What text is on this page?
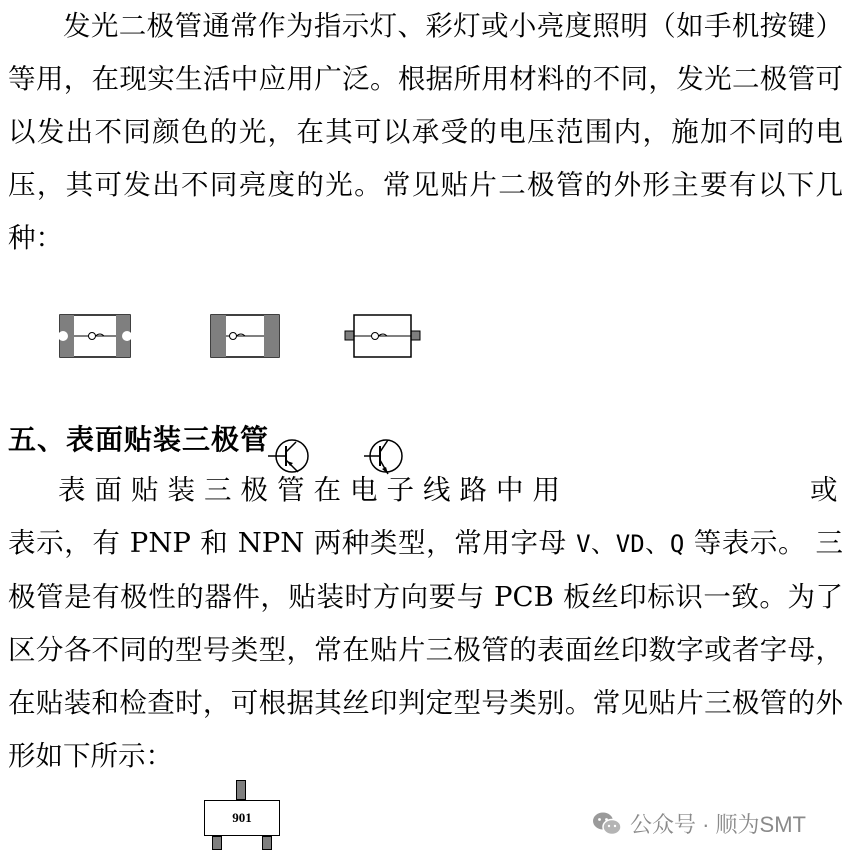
发光二极管通常作为指示灯、彩灯或小亮度照明（如手机按键）等用，在现实生活中应用广泛。根据所用材料的不同，发光二极管可以发出不同颜色的光，在其可以承受的电压范围内，施加不同的电压，其可发出不同亮度的光。常见贴片二极管的外形主要有以下几种：
五、表面贴装三极管
表面贴装三极管在电子线路中用	或
表示，有 PNP 和 NPN 两种类型，常用字母 V、VD、Q 等表示。 三极管是有极性的器件，贴装时方向要与 PCB 板丝印标识一致。为了区分各不同的型号类型，常在贴片三极管的表面丝印数字或者字母，在贴装和检查时，可根据其丝印判定型号类别。常见贴片三极管的外形如下所示：
901	公众号 · 顺为SMT
